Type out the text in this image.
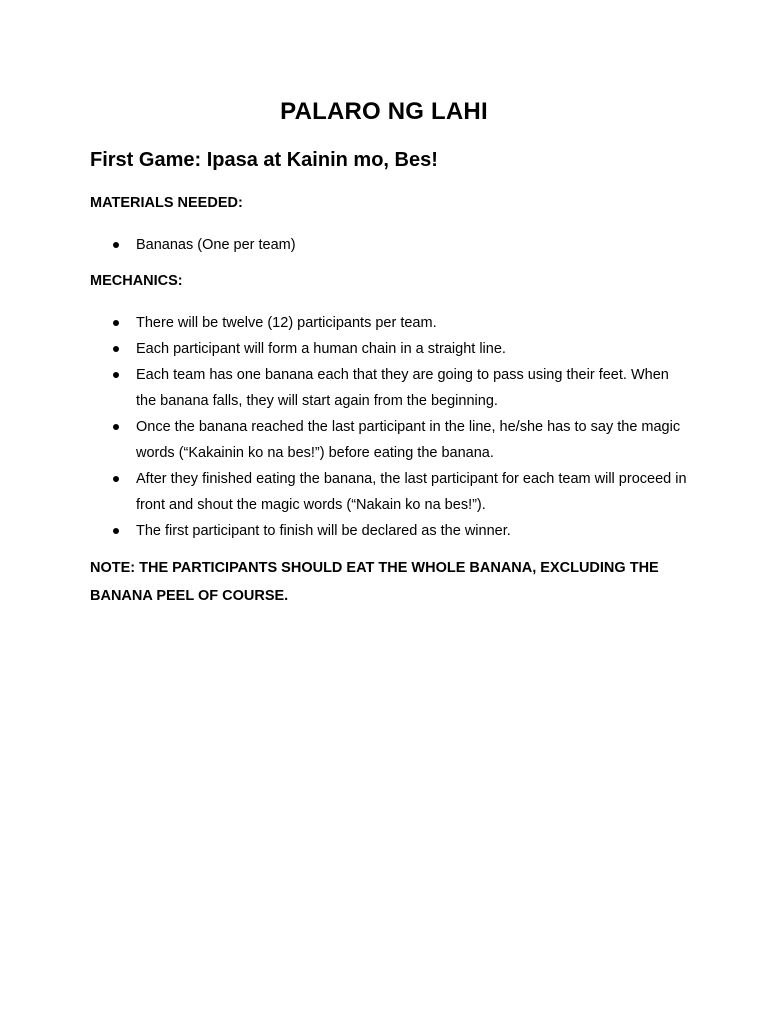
PALARO NG LAHI
First Game: Ipasa at Kainin mo, Bes!

MATERIALS NEEDED:

Bananas (One per team)

MECHANICS:

There will be twelve (12) participants per team.
Each participant will form a human chain in a straight line.
Each team has one banana each that they are going to pass using their feet. When the banana falls, they will start again from the beginning.
Once the banana reached the last participant in the line, he/she has to say the magic words (“Kakainin ko na bes!”) before eating the banana.
After they finished eating the banana, the last participant for each team will proceed in front and shout the magic words (“Nakain ko na bes!”).
The first participant to finish will be declared as the winner.

NOTE: THE PARTICIPANTS SHOULD EAT THE WHOLE BANANA, EXCLUDING THE BANANA PEEL OF COURSE.
